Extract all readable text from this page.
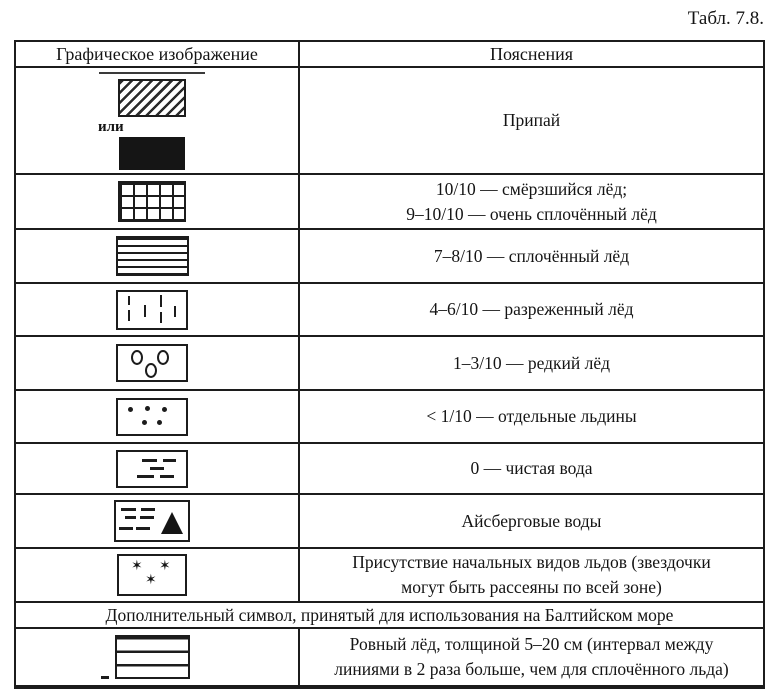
Табл. 7.8.
Графическое изображение	Пояснения

или	Припай

	10/10 — смёрзшийся лёд;
9–10/10 — очень сплочённый лёд

	7–8/10 — сплочённый лёд

	4–6/10 — разреженный лёд

	1–3/10 — редкий лёд

	< 1/10 — отдельные льдины

	0 — чистая вода

	Айсберговые воды

✶ ✶
✶	Присутствие начальных видов льдов (звездочки
могут быть рассеяны по всей зоне)
Дополнительный символ, принятый для использования на Балтийском море	

	Ровный лёд, толщиной 5–20 см (интервал между
линиями в 2 раза больше, чем для сплочённого льда)
